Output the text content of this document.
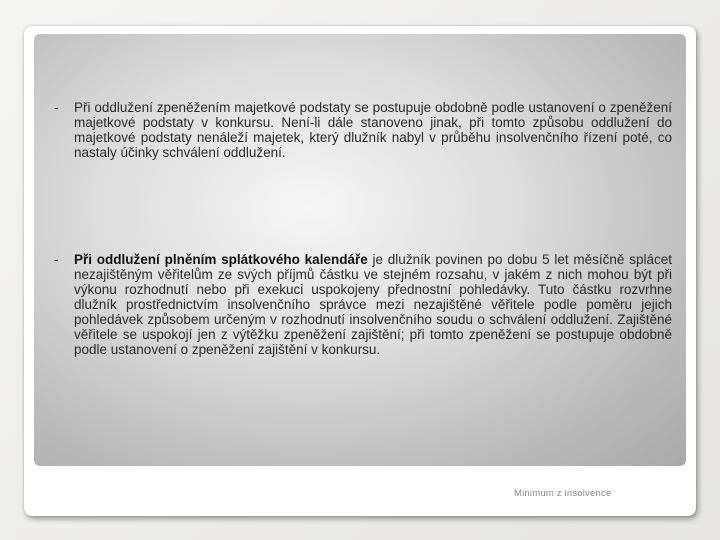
-	Při oddlužení zpeněžením majetkové podstaty se postupuje obdobně podle ustanovení o zpeněžení majetkové podstaty v konkursu. Není-li dále stanoveno jinak, při tomto způsobu oddlužení do majetkové podstaty nenáleží majetek, který dlužník nabyl v průběhu insolvenčního řízení poté, co nastaly účinky schválení oddlužení.
-	Při oddlužení plněním splátkového kalendáře je dlužník povinen po dobu 5 let měsíčně splácet nezajištěným věřitelům ze svých příjmů částku ve stejném rozsahu, v jakém z nich mohou být při výkonu rozhodnutí nebo při exekuci uspokojeny přednostní pohledávky. Tuto částku rozvrhne dlužník prostřednictvím insolvenčního správce mezi nezajištěné věřitele podle poměru jejich pohledávek způsobem určeným v rozhodnutí insolvenčního soudu o schválení oddlužení. Zajištěné věřitele se uspokojí jen z výtěžku zpeněžení zajištění; při tomto zpeněžení se postupuje obdobně podle ustanovení o zpeněžení zajištění v konkursu.
Minimum z insolvence
